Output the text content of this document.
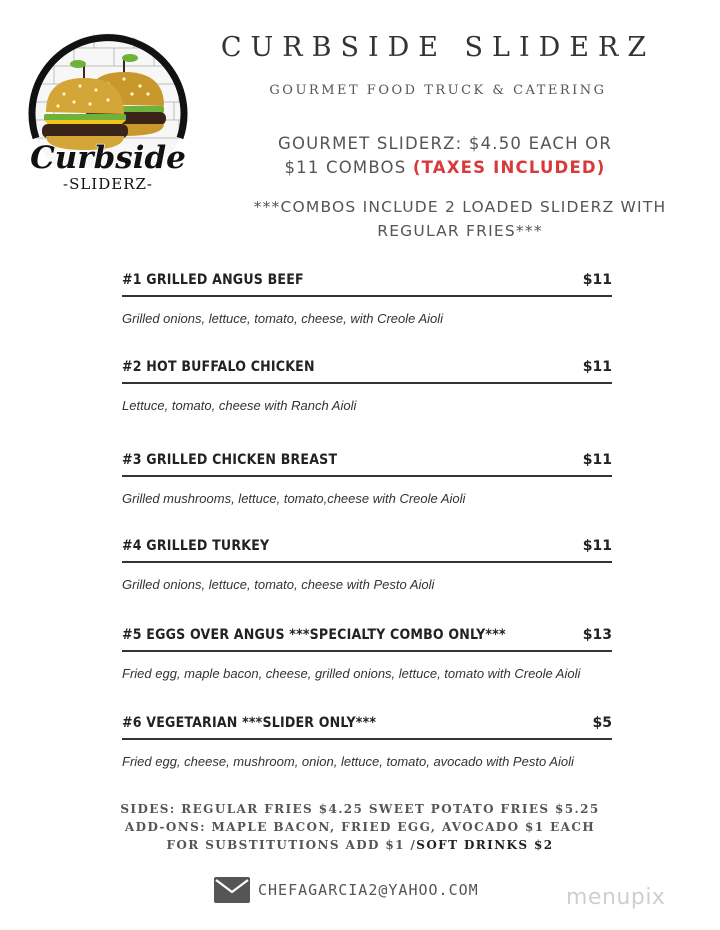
Curbside
-SLIDERZ-
CURBSIDE SLIDERZ
GOURMET FOOD TRUCK & CATERING
GOURMET SLIDERZ: $4.50 EACH OR
$11 COMBOS (TAXES INCLUDED)
***COMBOS INCLUDE 2 LOADED SLIDERZ WITH
REGULAR FRIES***
#1 GRILLED ANGUS BEEF	$11
Grilled onions, lettuce, tomato, cheese, with Creole Aioli
#2 HOT BUFFALO CHICKEN	$11
Lettuce, tomato, cheese with Ranch Aioli
#3 GRILLED CHICKEN BREAST	$11
Grilled mushrooms, lettuce, tomato,cheese with Creole Aioli
#4 GRILLED TURKEY	$11
Grilled onions, lettuce, tomato, cheese with Pesto Aioli
#5 EGGS OVER ANGUS ***SPECIALTY COMBO ONLY***	$13
Fried egg, maple bacon, cheese, grilled onions, lettuce, tomato with Creole Aioli
#6 VEGETARIAN ***SLIDER ONLY***	$5
Fried egg, cheese, mushroom, onion, lettuce, tomato, avocado with Pesto Aioli
SIDES: REGULAR FRIES $4.25 SWEET POTATO FRIES $5.25
ADD-ONS: MAPLE BACON, FRIED EGG, AVOCADO $1 EACH
FOR SUBSTITUTIONS ADD $1 /SOFT DRINKS $2
CHEFAGARCIA2@YAHOO.COM	menupix
